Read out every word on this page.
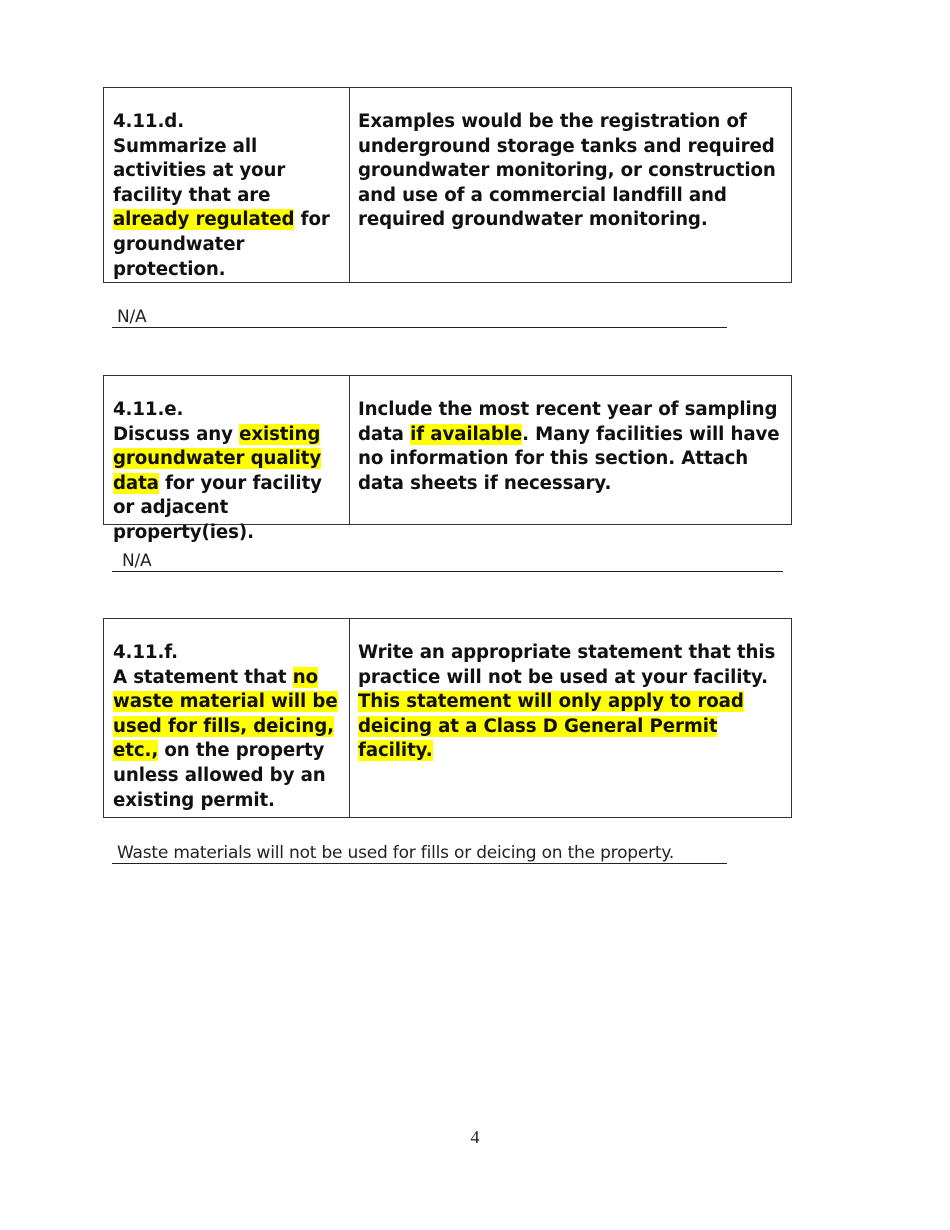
4.11.d.
Summarize all activities at your facility that are already regulated for groundwater protection.
Examples would be the registration of underground storage tanks and required groundwater monitoring, or construction and use of a commercial landfill and required groundwater monitoring.
N/A
4.11.e.
Discuss any existing groundwater quality data for your facility or adjacent property(ies).
Include the most recent year of sampling data if available. Many facilities will have no information for this section. Attach data sheets if necessary.
N/A
4.11.f.
A statement that no waste material will be used for fills, deicing, etc., on the property unless allowed by an existing permit.
Write an appropriate statement that this practice will not be used at your facility. This statement will only apply to road deicing at a Class D General Permit facility.
Waste materials will not be used for fills or deicing on the property.
4
